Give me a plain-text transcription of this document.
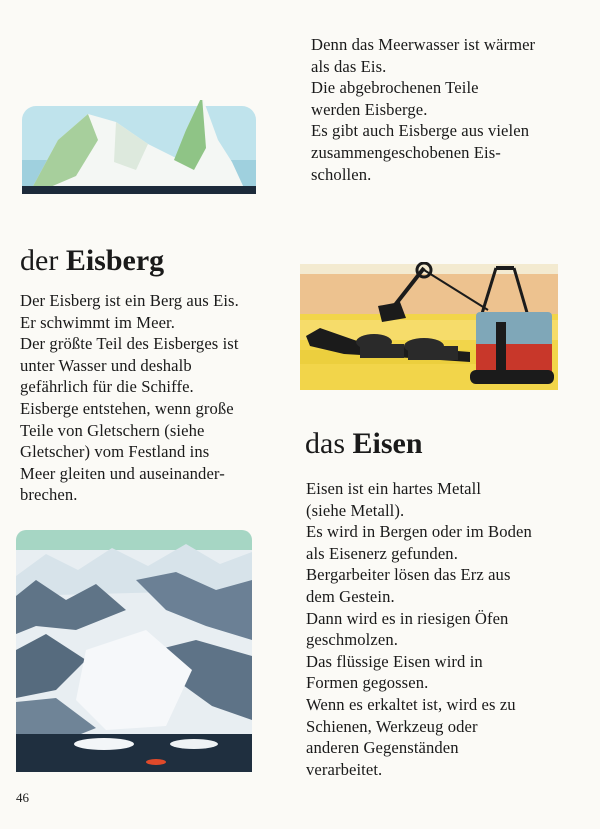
Denn das Meerwasser ist wärmer
als das Eis.
Die abgebrochenen Teile
werden Eisberge.
Es gibt auch Eisberge aus vielen
zusammengeschobenen Eis-
schollen.
der Eisberg
Der Eisberg ist ein Berg aus Eis.
Er schwimmt im Meer.
Der größte Teil des Eisberges ist
unter Wasser und deshalb
gefährlich für die Schiffe.
Eisberge entstehen, wenn große
Teile von Gletschern (siehe
Gletscher) vom Festland ins
Meer gleiten und auseinander-
brechen.
das Eisen
Eisen ist ein hartes Metall
(siehe Metall).
Es wird in Bergen oder im Boden
als Eisenerz gefunden.
Bergarbeiter lösen das Erz aus
dem Gestein.
Dann wird es in riesigen Öfen
geschmolzen.
Das flüssige Eisen wird in
Formen gegossen.
Wenn es erkaltet ist, wird es zu
Schienen, Werkzeug oder
anderen Gegenständen
verarbeitet.
46
